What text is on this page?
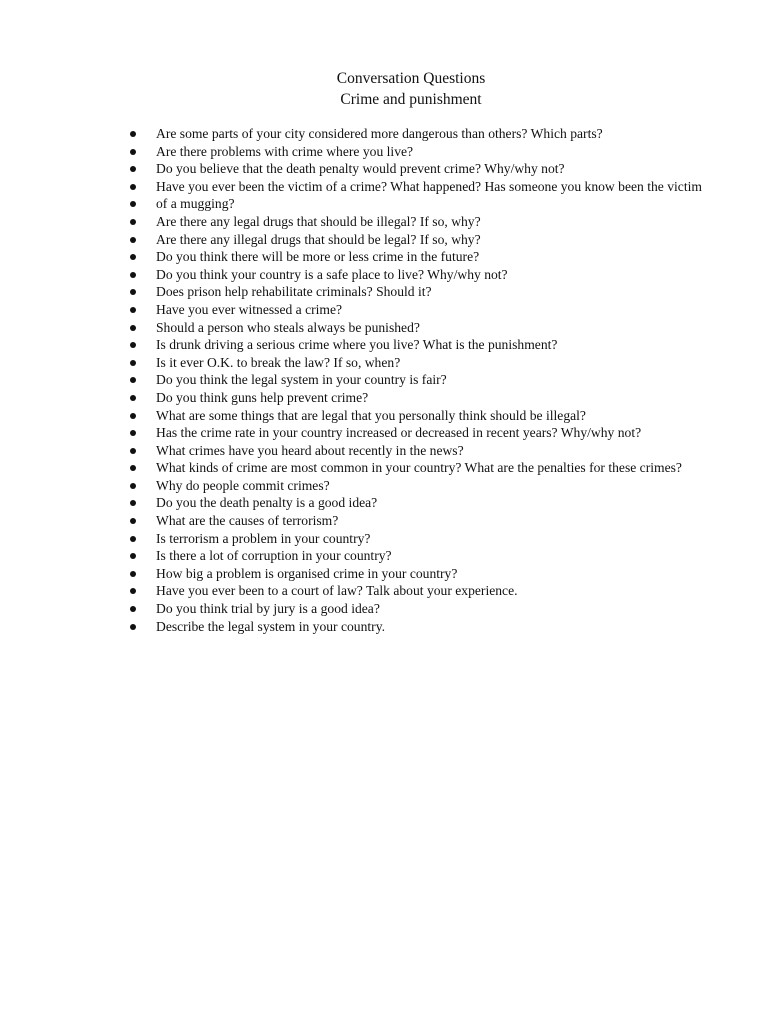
Conversation Questions
Crime and punishment
Are some parts of your city considered more dangerous than others? Which parts?
Are there problems with crime where you live?
Do you believe that the death penalty would prevent crime? Why/why not?
Have you ever been the victim of a crime? What happened? Has someone you know been the victim
of a mugging?
Are there any legal drugs that should be illegal? If so, why?
Are there any illegal drugs that should be legal? If so, why?
Do you think there will be more or less crime in the future?
Do you think your country is a safe place to live? Why/why not?
Does prison help rehabilitate criminals? Should it?
Have you ever witnessed a crime?
Should a person who steals always be punished?
Is drunk driving a serious crime where you live? What is the punishment?
Is it ever O.K. to break the law? If so, when?
Do you think the legal system in your country is fair?
Do you think guns help prevent crime?
What are some things that are legal that you personally think should be illegal?
Has the crime rate in your country increased or decreased in recent years? Why/why not?
What crimes have you heard about recently in the news?
What kinds of crime are most common in your country? What are the penalties for these crimes?
Why do people commit crimes?
Do you the death penalty is a good idea?
What are the causes of terrorism?
Is terrorism a problem in your country?
Is there a lot of corruption in your country?
How big a problem is organised crime in your country?
Have you ever been to a court of law? Talk about your experience.
Do you think trial by jury is a good idea?
Describe the legal system in your country.
